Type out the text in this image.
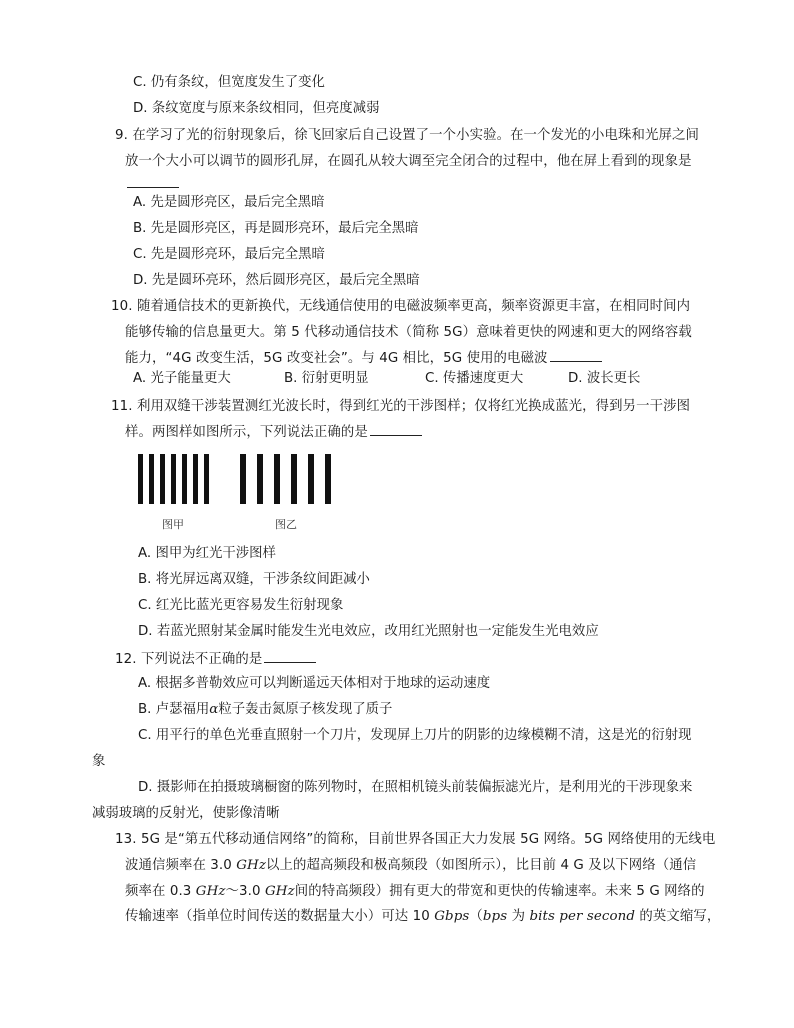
C. 仍有条纹，但宽度发生了变化
D. 条纹宽度与原来条纹相同，但亮度减弱
9. 在学习了光的衍射现象后，徐飞回家后自己设置了一个小实验。在一个发光的小电珠和光屏之间
放一个大小可以调节的圆形孔屏，在圆孔从较大调至完全闭合的过程中，他在屏上看到的现象是
A. 先是圆形亮区，最后完全黑暗
B. 先是圆形亮区，再是圆形亮环，最后完全黑暗
C. 先是圆形亮环，最后完全黑暗
D. 先是圆环亮环，然后圆形亮区，最后完全黑暗
10. 随着通信技术的更新换代，无线通信使用的电磁波频率更高，频率资源更丰富，在相同时间内
能够传输的信息量更大。第 5 代移动通信技术（简称 5G）意味着更快的网速和更大的网络容载
能力，“4G 改变生活，5G 改变社会”。与 4G 相比，5G 使用的电磁波
A. 光子能量更大	B. 衍射更明显	C. 传播速度更大	D. 波长更长
11. 利用双缝干涉装置测红光波长时，得到红光的干涉图样；仅将红光换成蓝光，得到另一干涉图
样。两图样如图所示，下列说法正确的是
图甲	图乙
A. 图甲为红光干涉图样
B. 将光屏远离双缝，干涉条纹间距减小
C. 红光比蓝光更容易发生衍射现象
D. 若蓝光照射某金属时能发生光电效应，改用红光照射也一定能发生光电效应
12. 下列说法不正确的是
A. 根据多普勒效应可以判断遥远天体相对于地球的运动速度
B. 卢瑟福用α粒子轰击氮原子核发现了质子
C. 用平行的单色光垂直照射一个刀片，发现屏上刀片的阴影的边缘模糊不清，这是光的衍射现
象
D. 摄影师在拍摄玻璃橱窗的陈列物时，在照相机镜头前装偏振滤光片，是利用光的干涉现象来
减弱玻璃的反射光，使影像清晰
13. 5G 是“第五代移动通信网络”的简称，目前世界各国正大力发展 5G 网络。5G 网络使用的无线电
波通信频率在 3.0 GHz以上的超高频段和极高频段（如图所示），比目前 4 G 及以下网络（通信
频率在 0.3 GHz～3.0 GHz间的特高频段）拥有更大的带宽和更快的传输速率。未来 5 G 网络的
传输速率（指单位时间传送的数据量大小）可达 10 Gbps（bps 为 bits per second 的英文缩写，
